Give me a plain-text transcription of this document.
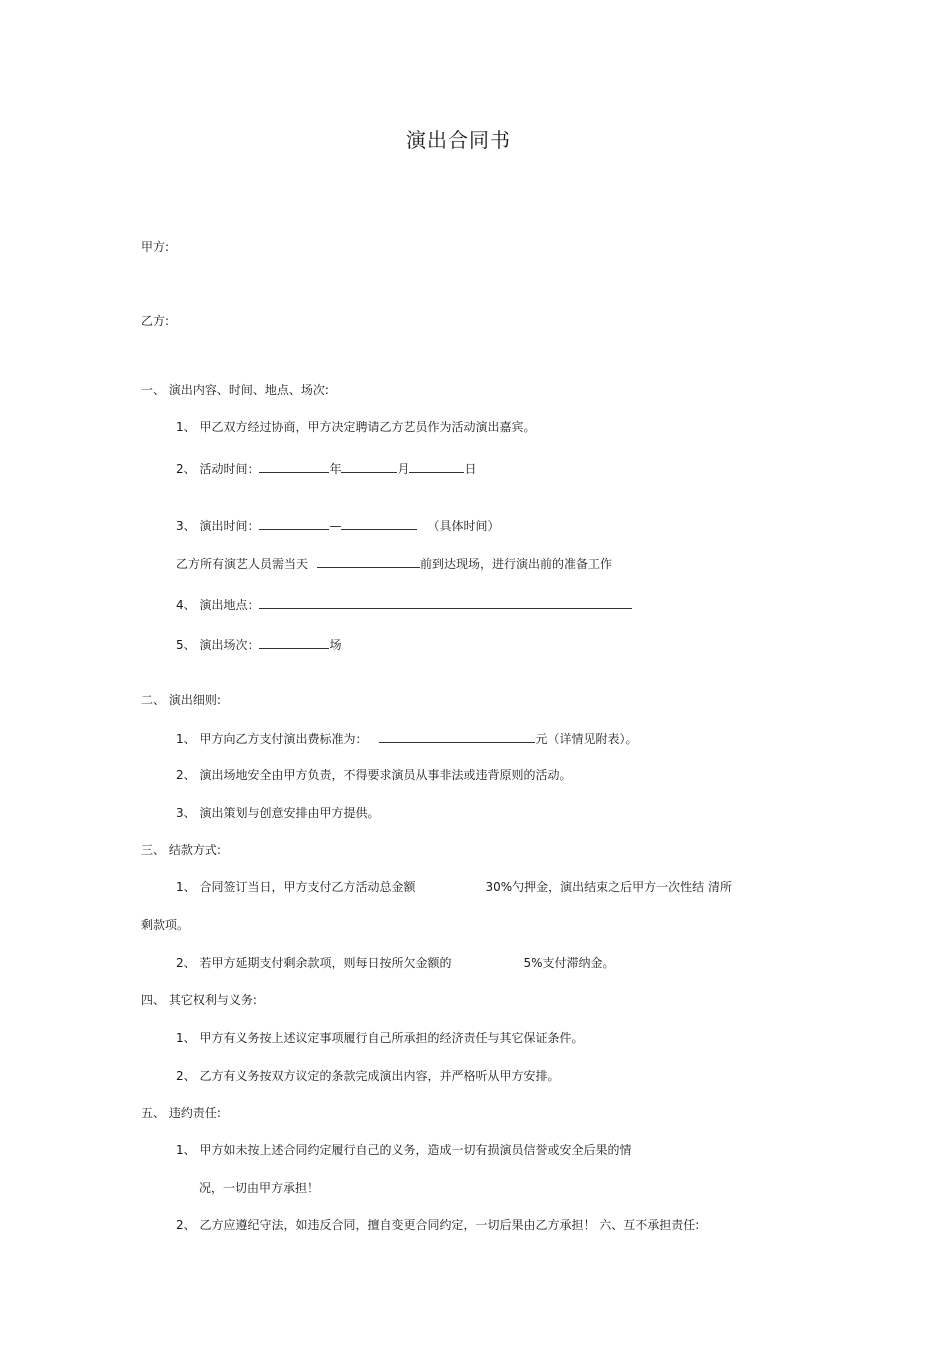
演出合同书
甲方:
乙方:
一、 演出内容、时间、地点、场次:
1、 甲乙双方经过协商，甲方决定聘请乙方艺员作为活动演出嘉宾。
2、 活动时间：	年	月	日
3、 演出时间：	—	（具体时间）
乙方所有演艺人员需当天	前到达现场，进行演出前的准备工作
4、 演出地点：
5、 演出场次：	场
二、 演出细则:
1、 甲方向乙方支付演出费标准为：	元（详情见附表）。
2、 演出场地安全由甲方负责，不得要求演员从事非法或违背原则的活动。
3、 演出策划与创意安排由甲方提供。
三、 结款方式:
1、 合同签订当日，甲方支付乙方活动总金额	30%勺押金，演出结束之后甲方一次性结 清所
剩款项。
2、 若甲方延期支付剩余款项，则每日按所欠金额的	5%支付滞纳金。
四、 其它权利与义务:
1、 甲方有义务按上述议定事项履行自己所承担的经济责任与其它保证条件。
2、 乙方有义务按双方议定的条款完成演出内容，并严格听从甲方安排。
五、 违约责任:
1、 甲方如未按上述合同约定履行自己的义务，造成一切有损演员信誉或安全后果的情
况，一切由甲方承担！
2、 乙方应遵纪守法，如违反合同，擅自变更合同约定，一切后果由乙方承担！ 六、互不承担责任:
